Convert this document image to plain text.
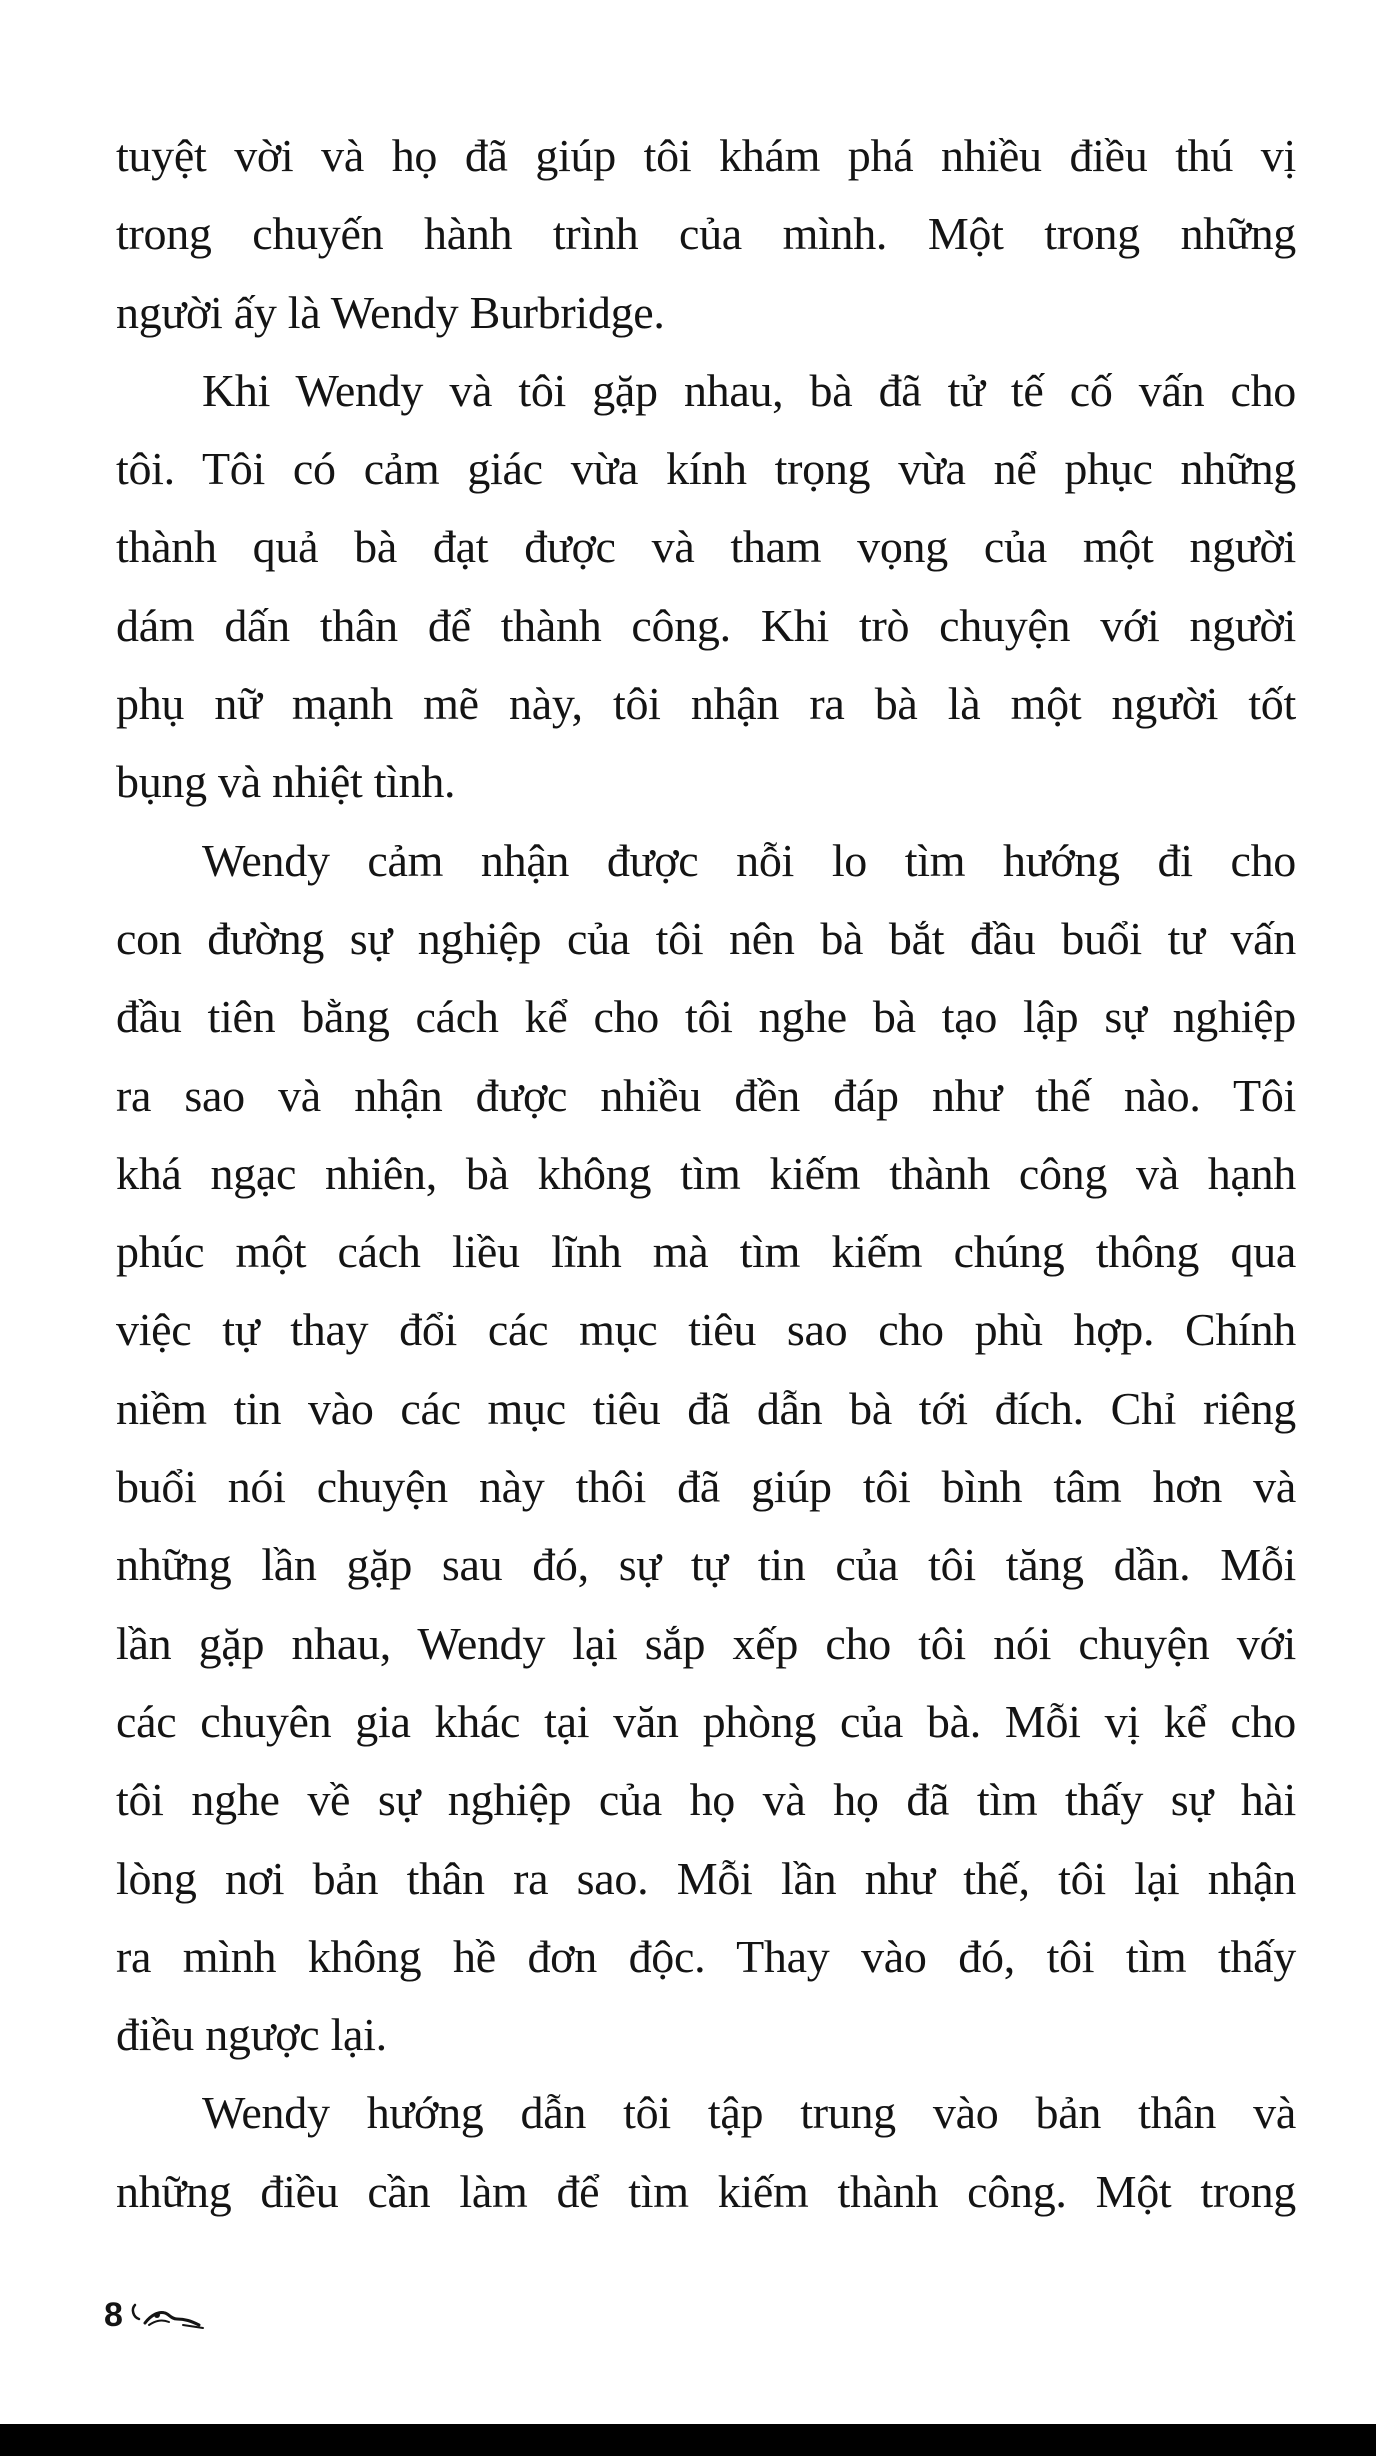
tuyệt vời và họ đã giúp tôi khám phá nhiều điều thú vị
trong chuyến hành trình của mình. Một trong những
người ấy là Wendy Burbridge.
Khi Wendy và tôi gặp nhau, bà đã tử tế cố vấn cho
tôi. Tôi có cảm giác vừa kính trọng vừa nể phục những
thành quả bà đạt được và tham vọng của một người
dám dấn thân để thành công. Khi trò chuyện với người
phụ nữ mạnh mẽ này, tôi nhận ra bà là một người tốt
bụng và nhiệt tình.
Wendy cảm nhận được nỗi lo tìm hướng đi cho
con đường sự nghiệp của tôi nên bà bắt đầu buổi tư vấn
đầu tiên bằng cách kể cho tôi nghe bà tạo lập sự nghiệp
ra sao và nhận được nhiều đền đáp như thế nào. Tôi
khá ngạc nhiên, bà không tìm kiếm thành công và hạnh
phúc một cách liều lĩnh mà tìm kiếm chúng thông qua
việc tự thay đổi các mục tiêu sao cho phù hợp. Chính
niềm tin vào các mục tiêu đã dẫn bà tới đích. Chỉ riêng
buổi nói chuyện này thôi đã giúp tôi bình tâm hơn và
những lần gặp sau đó, sự tự tin của tôi tăng dần. Mỗi
lần gặp nhau, Wendy lại sắp xếp cho tôi nói chuyện với
các chuyên gia khác tại văn phòng của bà. Mỗi vị kể cho
tôi nghe về sự nghiệp của họ và họ đã tìm thấy sự hài
lòng nơi bản thân ra sao. Mỗi lần như thế, tôi lại nhận
ra mình không hề đơn độc. Thay vào đó, tôi tìm thấy
điều ngược lại.
Wendy hướng dẫn tôi tập trung vào bản thân và
những điều cần làm để tìm kiếm thành công. Một trong
8
